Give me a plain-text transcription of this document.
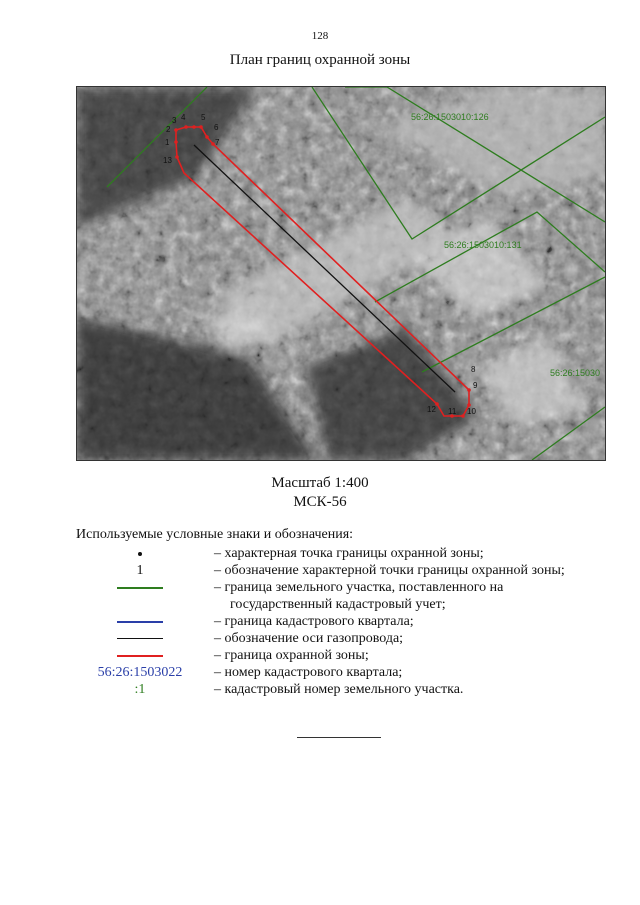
128
План границ охранной зоны
1
2
3 4 5
6
7
8
9
10
11
12
13
56:26:1503010:126
56:26:1503010:131
56:26:15030
Масштаб 1:400
МСК-56
Используемые условные знаки и обозначения:
– характерная точка границы охранной зоны;
1	– обозначение характерной точки границы охранной зоны;
– граница земельного участка, поставленного на
государственный кадастровый учет;
– граница кадастрового квартала;
– обозначение оси газопровода;
– граница охранной зоны;
56:26:1503022	– номер кадастрового квартала;
:1	– кадастровый номер земельного участка.
